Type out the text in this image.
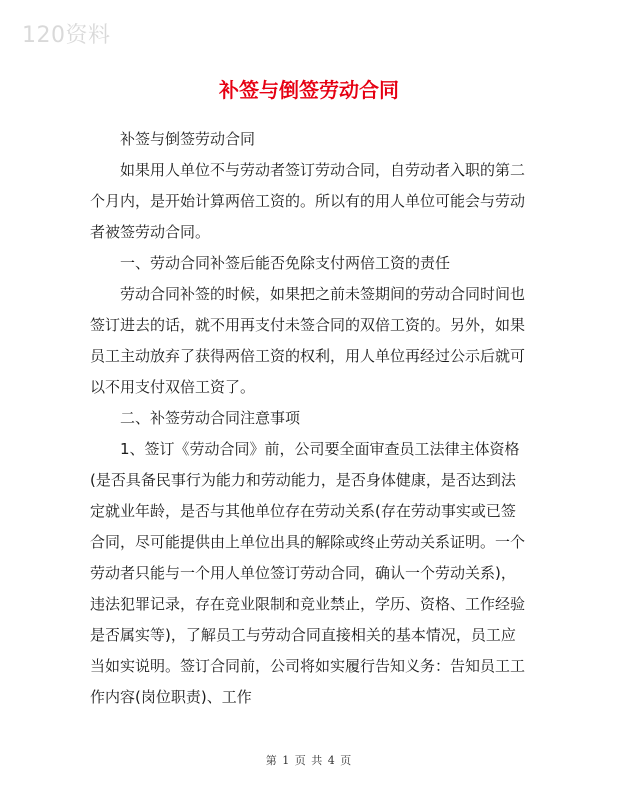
120资料
补签与倒签劳动合同

补签与倒签劳动合同

如果用人单位不与劳动者签订劳动合同，自劳动者入职的第二个月内，是开始计算两倍工资的。所以有的用人单位可能会与劳动者被签劳动合同。

一、劳动合同补签后能否免除支付两倍工资的责任

劳动合同补签的时候，如果把之前未签期间的劳动合同时间也签订进去的话，就不用再支付未签合同的双倍工资的。另外，如果员工主动放弃了获得两倍工资的权利，用人单位再经过公示后就可以不用支付双倍工资了。

二、补签劳动合同注意事项

1、签订《劳动合同》前，公司要全面审查员工法律主体资格(是否具备民事行为能力和劳动能力，是否身体健康，是否达到法定就业年龄，是否与其他单位存在劳动关系(存在劳动事实或已签合同，尽可能提供由上单位出具的解除或终止劳动关系证明。一个劳动者只能与一个用人单位签订劳动合同，确认一个劳动关系)，违法犯罪记录，存在竞业限制和竞业禁止，学历、资格、工作经验是否属实等)，了解员工与劳动合同直接相关的基本情况，员工应当如实说明。签订合同前，公司将如实履行告知义务：告知员工工作内容(岗位职责)、工作

第 1 页 共 4 页
